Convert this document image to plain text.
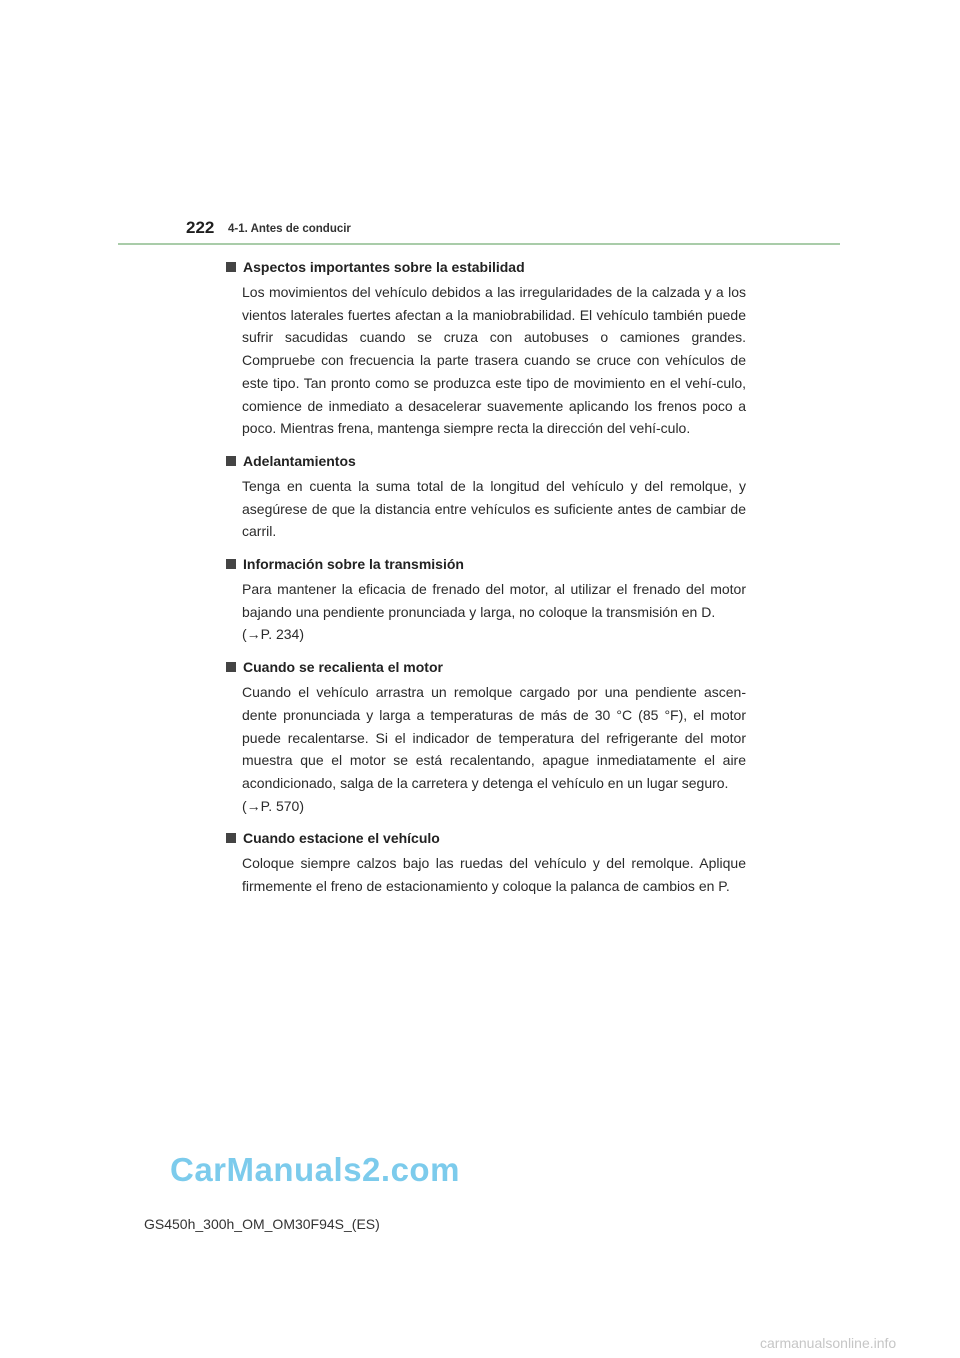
222 4-1. Antes de conducir
Aspectos importantes sobre la estabilidad
Los movimientos del vehículo debidos a las irregularidades de la calzada y a los vientos laterales fuertes afectan a la maniobrabilidad. El vehículo también puede sufrir sacudidas cuando se cruza con autobuses o camiones grandes. Compruebe con frecuencia la parte trasera cuando se cruce con vehículos de este tipo. Tan pronto como se produzca este tipo de movimiento en el vehí-culo, comience de inmediato a desacelerar suavemente aplicando los frenos poco a poco. Mientras frena, mantenga siempre recta la dirección del vehí-culo.
Adelantamientos
Tenga en cuenta la suma total de la longitud del vehículo y del remolque, y asegúrese de que la distancia entre vehículos es suficiente antes de cambiar de carril.
Información sobre la transmisión
Para mantener la eficacia de frenado del motor, al utilizar el frenado del motor bajando una pendiente pronunciada y larga, no coloque la transmisión en D.
(→P. 234)
Cuando se recalienta el motor
Cuando el vehículo arrastra un remolque cargado por una pendiente ascen-dente pronunciada y larga a temperaturas de más de 30 °C (85 °F), el motor puede recalentarse. Si el indicador de temperatura del refrigerante del motor muestra que el motor se está recalentando, apague inmediatamente el aire acondicionado, salga de la carretera y detenga el vehículo en un lugar seguro.
(→P. 570)
Cuando estacione el vehículo
Coloque siempre calzos bajo las ruedas del vehículo y del remolque. Aplique firmemente el freno de estacionamiento y coloque la palanca de cambios en P.
CarManuals2.com
GS450h_300h_OM_OM30F94S_(ES)
carmanualsonline.info
